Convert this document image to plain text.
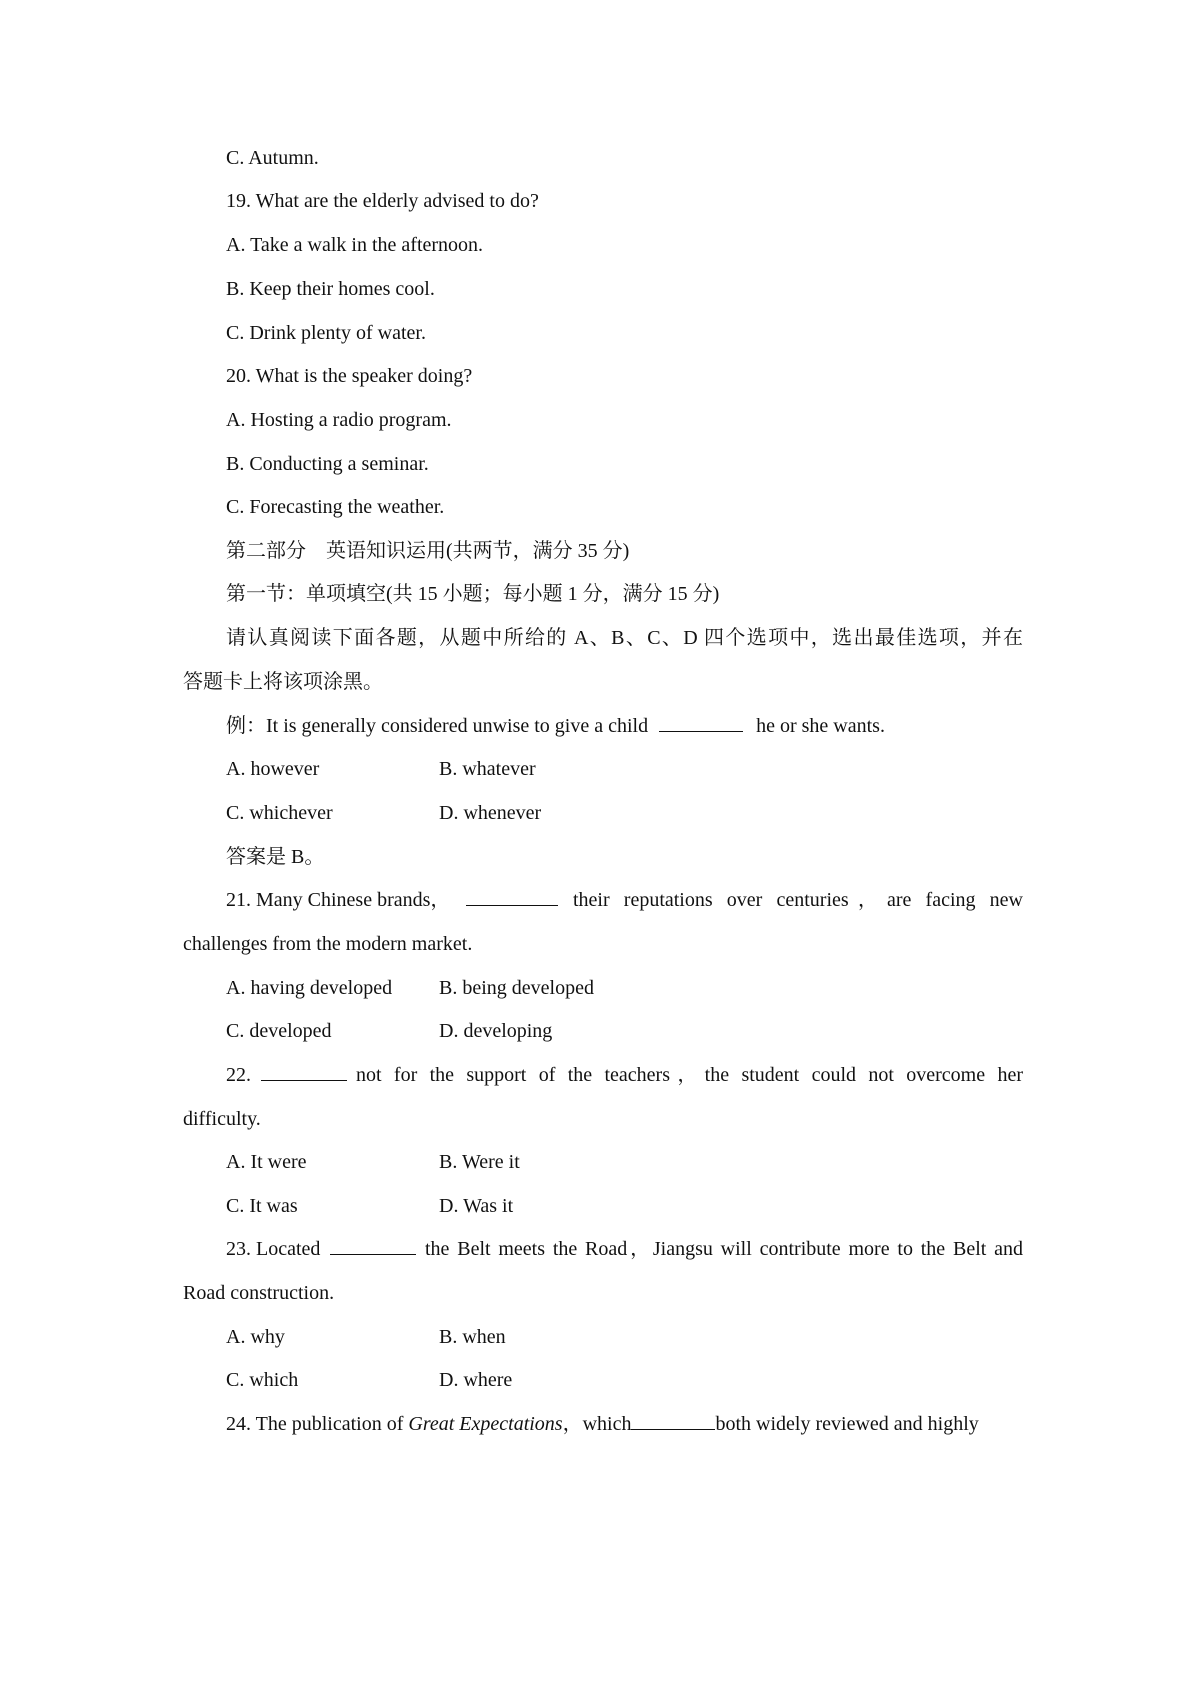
C. Autumn.
19. What are the elderly advised to do?
A. Take a walk in the afternoon.
B. Keep their homes cool.
C. Drink plenty of water.
20. What is the speaker doing?
A. Hosting a radio program.
B. Conducting a seminar.
C. Forecasting the weather.
第二部分　英语知识运用(共两节，满分 35 分)
第一节：单项填空(共 15 小题；每小题 1 分，满分 15 分)
请认真阅读下面各题，从题中所给的 A、B、C、D 四个选项中，选出最佳选项，并在
答题卡上将该项涂黑。
例：It is generally considered unwise to give a child	he or she wants.
A. however	B. whatever
C. whichever	D. whenever
答案是 B。
21. Many Chinese brands，	their reputations over centuries，are facing new
challenges from the modern market.
A. having developed B. being developed
C. developed	D. developing
22.	not for the support of the teachers，the student could not overcome her
difficulty.
A. It were	B. Were it
C. It was	D. Was it
23. Located	the Belt meets the Road，Jiangsu will contribute more to the Belt and
Road construction.
A. why	B. when
C. which	D. where
24. The publication of Great Expectations ，which	both widely reviewed and highly
